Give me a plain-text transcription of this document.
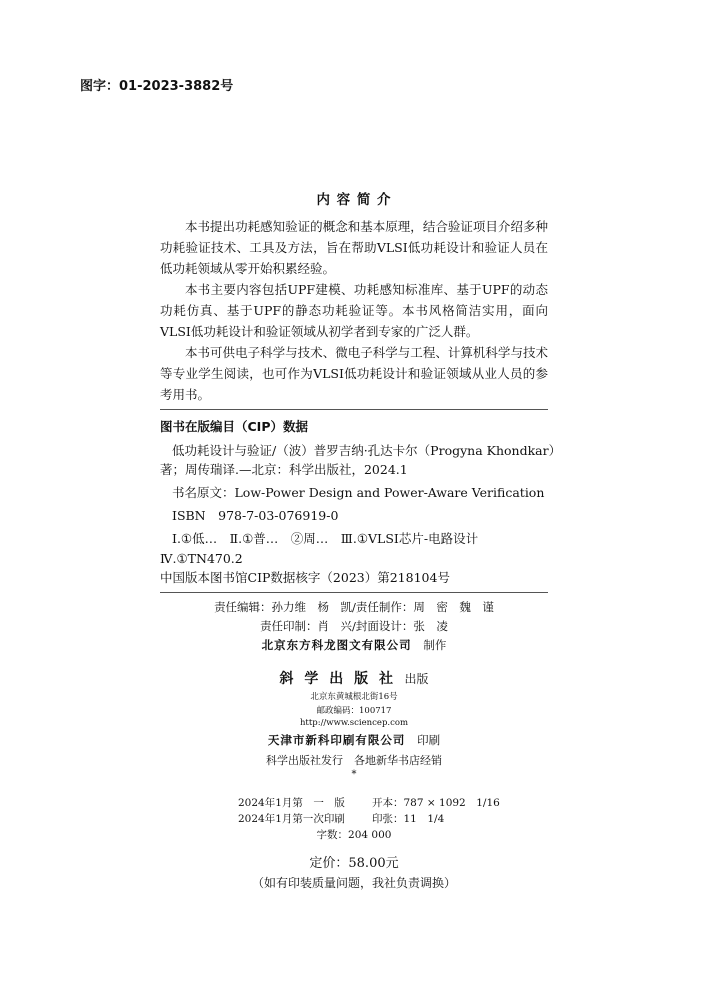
图字：01-2023-3882号
内 容 简 介

本书提出功耗感知验证的概念和基本原理，结合验证项目介绍多种功耗验证技术、工具及方法，旨在帮助VLSI低功耗设计和验证人员在低功耗领域从零开始积累经验。

本书主要内容包括UPF建模、功耗感知标准库、基于UPF的动态功耗仿真、基于UPF的静态功耗验证等。本书风格简洁实用，面向VLSI低功耗设计和验证领域从初学者到专家的广泛人群。

本书可供电子科学与技术、微电子科学与工程、计算机科学与技术等专业学生阅读，也可作为VLSI低功耗设计和验证领域从业人员的参考用书。

图书在版编目（CIP）数据
低功耗设计与验证/（波）普罗吉纳·孔达卡尔（Progyna Khondkar）
著；周传瑞译.—北京：科学出版社，2024.1
书名原文：Low-Power Design and Power-Aware Verification
ISBN　978-7-03-076919-0
Ⅰ.①低…　Ⅱ.①普…　②周…　Ⅲ.①VLSI芯片-电路设计
Ⅳ.①TN470.2
中国版本图书馆CIP数据核字（2023）第218104号
责任编辑：孙力维　杨　凯/责任制作：周　密　魏　谨
责任印制：肖　兴/封面设计：张　凌
北京东方科龙图文有限公司 制作
斜 学 出 版 社 出版
北京东黄城根北街16号
邮政编码：100717
http://www.sciencep.com
天津市新科印刷有限公司 印刷
科学出版社发行　各地新华书店经销
*
2024年1月第　一　版	开本：787 × 1092　1/16
2024年1月第一次印刷	印张：11　1/4
字数：204 000
定价：58.00元
（如有印装质量问题，我社负责调换）
